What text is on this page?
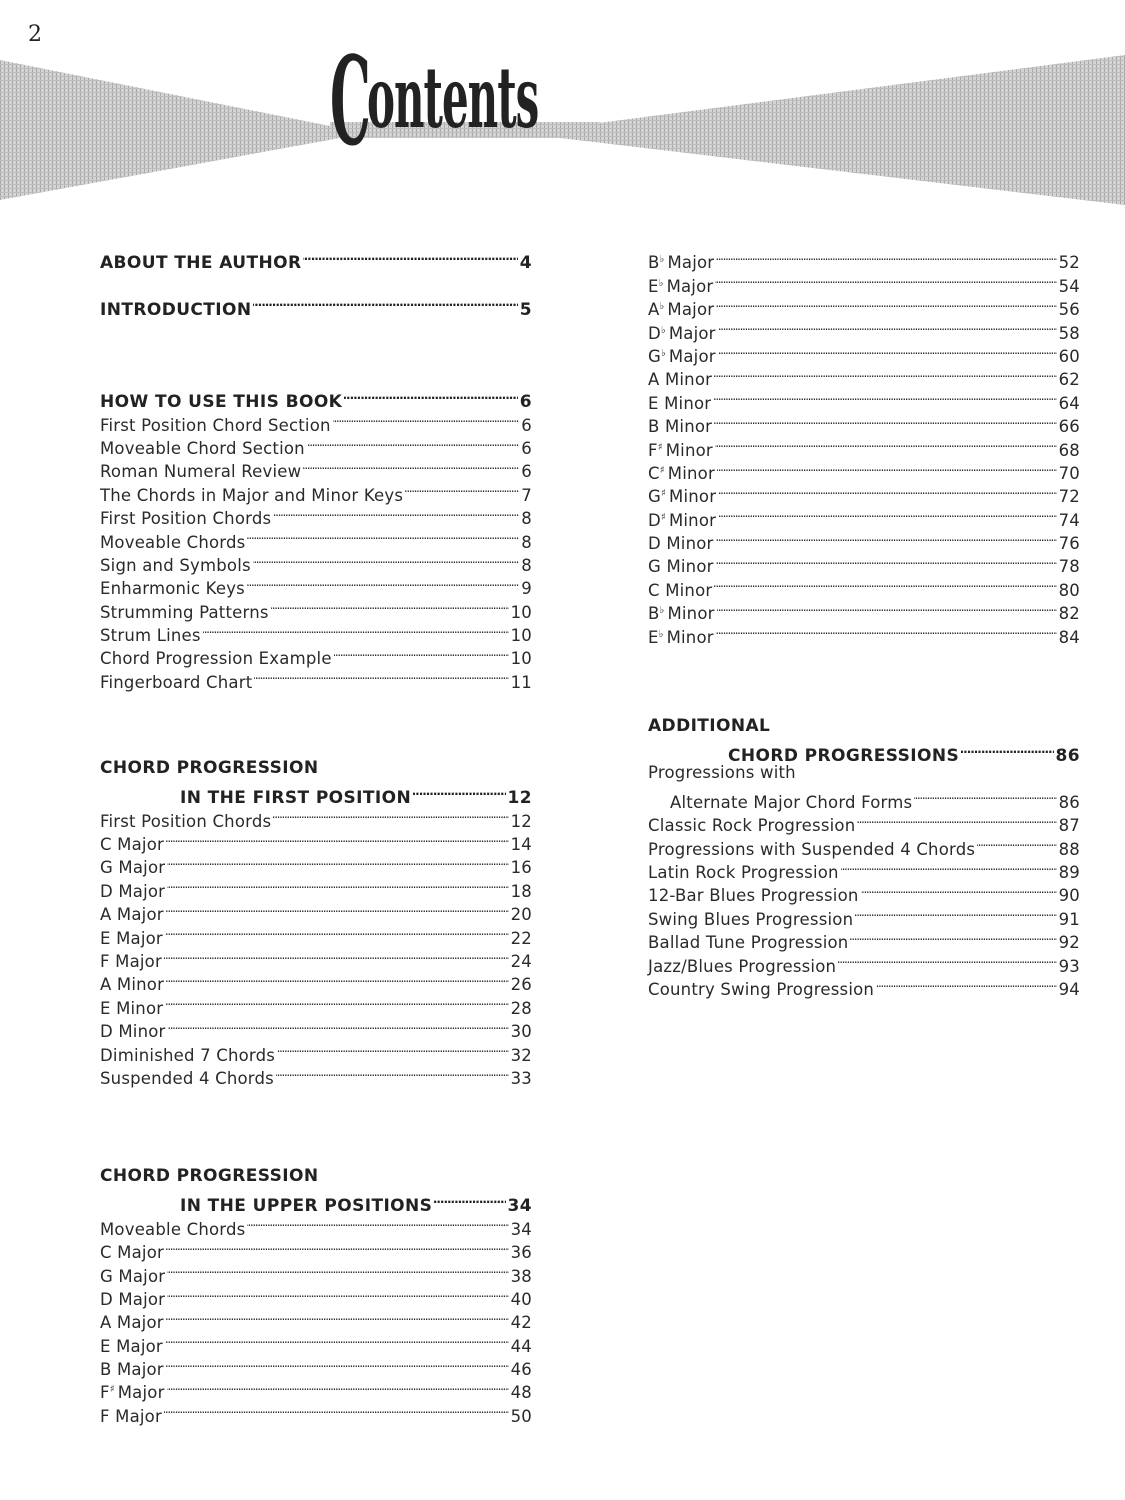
2 Contents
ABOUT THE AUTHOR . . .	4
INTRODUCTION . . .	5
HOW TO USE THIS BOOK . . .	6
First Position Chord Section . . .	6
Moveable Chord Section . . .	6
Roman Numeral Review . . .	6
The Chords in Major and Minor Keys . . .	7
First Position Chords . . .	8
Moveable Chords . . .	8
Sign and Symbols . . .	8
Enharmonic Keys . . .	9
Strumming Patterns . . .	10
Strum Lines . . .	10
Chord Progression Example . . .	10
Fingerboard Chart . . .	11
CHORD PROGRESSION
IN THE FIRST POSITION . . .	12
First Position Chords . . .	12
C Major . . .	14
G Major . . .	16
D Major . . .	18
A Major . . .	20
E Major . . .	22
F Major . . .	24
A Minor . . .	26
E Minor . . .	28
D Minor . . .	30
Diminished 7 Chords . . .	32
Suspended 4 Chords . . .	33
CHORD PROGRESSION
IN THE UPPER POSITIONS . . .	34
Moveable Chords . . .	34
C Major . . .	36
G Major . . .	38
D Major . . .	40
A Major . . .	42
E Major . . .	44
B Major . . .	46
F♯ Major . . .	48
F Major . . .	50
B♭ Major . . .	52
E♭ Major . . .	54
A♭ Major . . .	56
D♭ Major . . .	58
G♭ Major . . .	60
A Minor . . .	62
E Minor . . .	64
B Minor . . .	66
F♯ Minor . . .	68
C♯ Minor . . .	70
G♯ Minor . . .	72
D♯ Minor . . .	74
D Minor . . .	76
G Minor . . .	78
C Minor . . .	80
B♭ Minor . . .	82
E♭ Minor . . .	84
ADDITIONAL
CHORD PROGRESSIONS . . .	86
Progressions with
Alternate Major Chord Forms . . .	86
Classic Rock Progression . . .	87
Progressions with Suspended 4 Chords . . .	88
Latin Rock Progression . . .	89
12-Bar Blues Progression . . .	90
Swing Blues Progression . . .	91
Ballad Tune Progression . . .	92
Jazz/Blues Progression . . .	93
Country Swing Progression . . .	94
